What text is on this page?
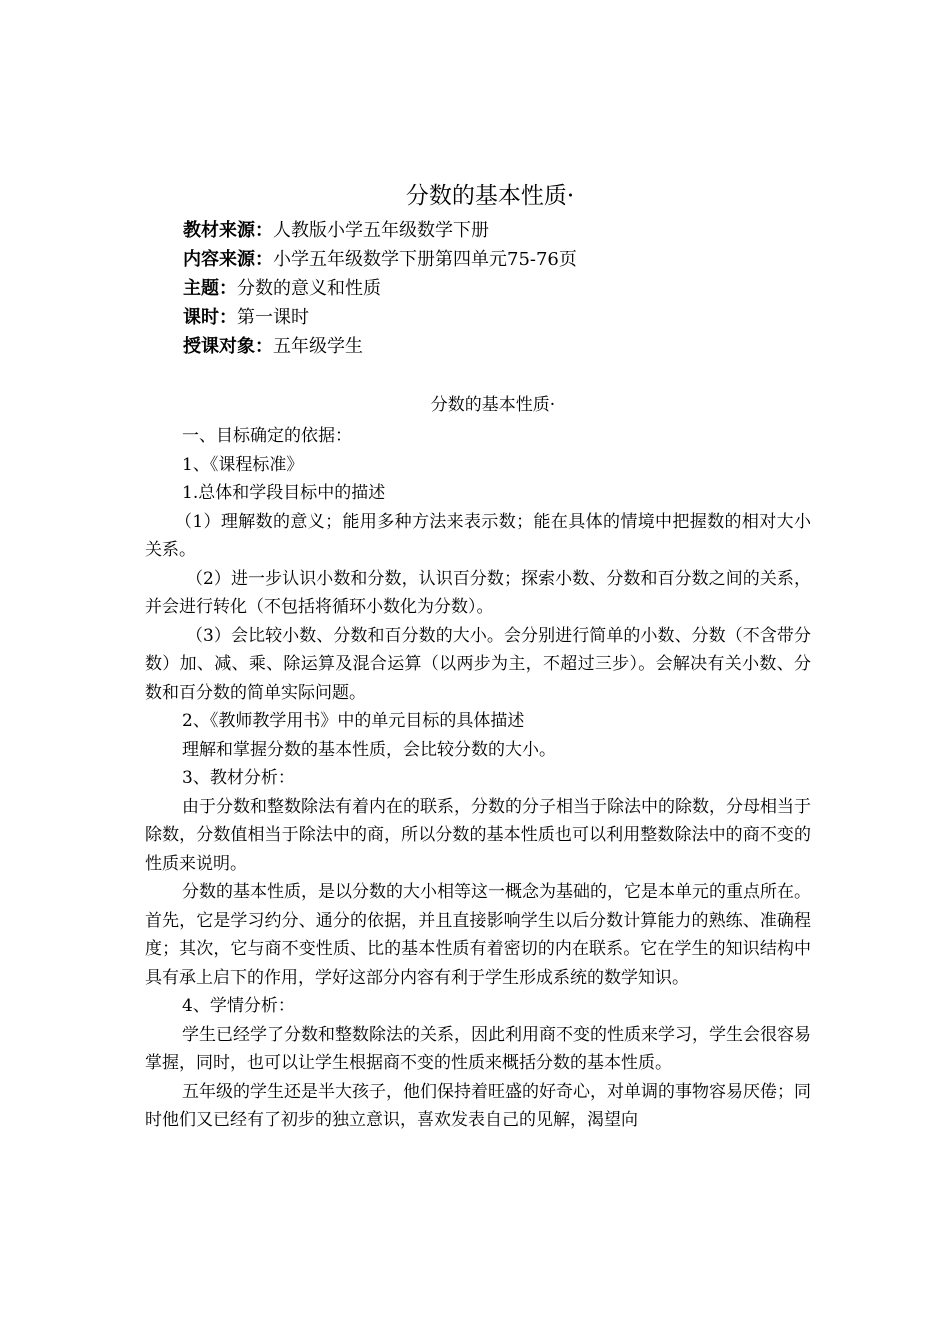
分数的基本性质·
教材来源：人教版小学五年级数学下册
内容来源：小学五年级数学下册第四单元75-76页
主题：分数的意义和性质
课时：第一课时
授课对象：五年级学生
分数的基本性质·

一、目标确定的依据：

1、《课程标准》

1.总体和学段目标中的描述

（1）理解数的意义；能用多种方法来表示数；能在具体的情境中把握数的相对大小关系。

（2）进一步认识小数和分数，认识百分数；探索小数、分数和百分数之间的关系，并会进行转化（不包括将循环小数化为分数）。

（3）会比较小数、分数和百分数的大小。会分别进行简单的小数、分数（不含带分数）加、减、乘、除运算及混合运算（以两步为主，不超过三步）。会解决有关小数、分数和百分数的简单实际问题。

2、《教师教学用书》中的单元目标的具体描述

理解和掌握分数的基本性质，会比较分数的大小。

3、教材分析：

由于分数和整数除法有着内在的联系，分数的分子相当于除法中的除数，分母相当于除数，分数值相当于除法中的商，所以分数的基本性质也可以利用整数除法中的商不变的性质来说明。

分数的基本性质，是以分数的大小相等这一概念为基础的，它是本单元的重点所在。首先，它是学习约分、通分的依据，并且直接影响学生以后分数计算能力的熟练、准确程度；其次，它与商不变性质、比的基本性质有着密切的内在联系。它在学生的知识结构中具有承上启下的作用，学好这部分内容有利于学生形成系统的数学知识。

4、学情分析：

学生已经学了分数和整数除法的关系，因此利用商不变的性质来学习，学生会很容易掌握，同时，也可以让学生根据商不变的性质来概括分数的基本性质。

五年级的学生还是半大孩子，他们保持着旺盛的好奇心，对单调的事物容易厌倦；同时他们又已经有了初步的独立意识，喜欢发表自己的见解，渴望向
